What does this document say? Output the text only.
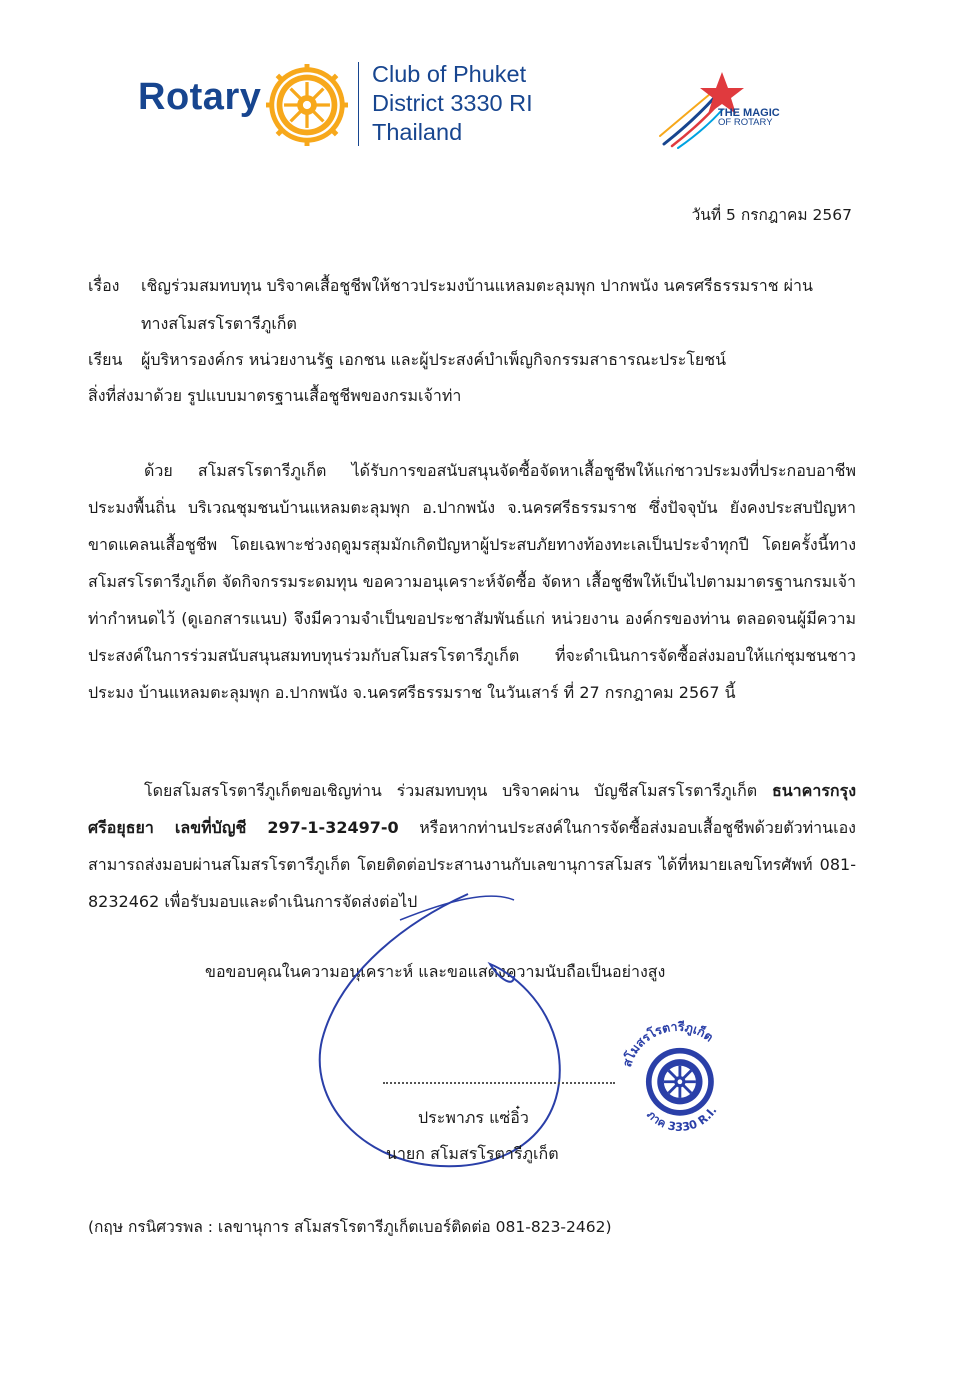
Rotary
Club of Phuket
District 3330 RI
Thailand
THE MAGIC
OF ROTARY
วันที่ 5 กรกฎาคม 2567
เรื่อง เชิญร่วมสมทบทุน บริจาคเสื้อชูชีพให้ชาวประมงบ้านแหลมตะลุมพุก ปากพนัง นครศรีธรรมราช ผ่าน
ทางสโมสรโรตารีภูเก็ต
เรียน ผู้บริหารองค์กร หน่วยงานรัฐ เอกชน และผู้ประสงค์บำเพ็ญกิจกรรมสาธารณะประโยชน์
สิ่งที่ส่งมาด้วย รูปแบบมาตรฐานเสื้อชูชีพของกรมเจ้าท่า

ด้วย สโมสรโรตารีภูเก็ต ได้รับการขอสนับสนุนจัดซื้อจัดหาเสื้อชูชีพให้แก่ชาวประมงที่ประกอบอาชีพประมงพื้นถิ่น บริเวณชุมชนบ้านแหลมตะลุมพุก อ.ปากพนัง จ.นครศรีธรรมราช ซึ่งปัจจุบัน ยังคงประสบปัญหาขาดแคลนเสื้อชูชีพ โดยเฉพาะช่วงฤดูมรสุมมักเกิดปัญหาผู้ประสบภัยทางท้องทะเลเป็นประจำทุกปี โดยครั้งนี้ทางสโมสรโรตารีภูเก็ต จัดกิจกรรมระดมทุน ขอความอนุเคราะห์จัดซื้อ จัดหา เสื้อชูชีพให้เป็นไปตามมาตรฐานกรมเจ้าท่ากำหนดไว้ (ดูเอกสารแนบ) จึงมีความจำเป็นขอประชาสัมพันธ์แก่ หน่วยงาน องค์กรของท่าน ตลอดจนผู้มีความประสงค์ในการร่วมสนับสนุนสมทบทุนร่วมกับสโมสรโรตารีภูเก็ต ที่จะดำเนินการจัดซื้อส่งมอบให้แก่ชุมชนชาวประมง บ้านแหลมตะลุมพุก อ.ปากพนัง จ.นครศรีธรรมราช ในวันเสาร์ ที่ 27 กรกฎาคม 2567 นี้

โดยสโมสรโรตารีภูเก็ตขอเชิญท่าน ร่วมสมทบทุน บริจาคผ่าน บัญชีสโมสรโรตารีภูเก็ต ธนาคารกรุงศรีอยุธยา เลขที่บัญชี 297-1-32497-0 หรือหากท่านประสงค์ในการจัดซื้อส่งมอบเสื้อชูชีพด้วยตัวท่านเอง สามารถส่งมอบผ่านสโมสรโรตารีภูเก็ต โดยติดต่อประสานงานกับเลขานุการสโมสร ได้ที่หมายเลขโทรศัพท์ 081-8232462 เพื่อรับมอบและดำเนินการจัดส่งต่อไป

ขอขอบคุณในความอนุเคราะห์ และขอแสดงความนับถือเป็นอย่างสูง
ประพาภร แซ่อิ๋ว
นายก สโมสรโรตารีภูเก็ต
สโมสรโรตารีภูเก็ต
ภาค 3330 R.I.
(กฤษ กรนิศวรพล : เลขานุการ สโมสรโรตารีภูเก็ตเบอร์ติดต่อ 081-823-2462)
